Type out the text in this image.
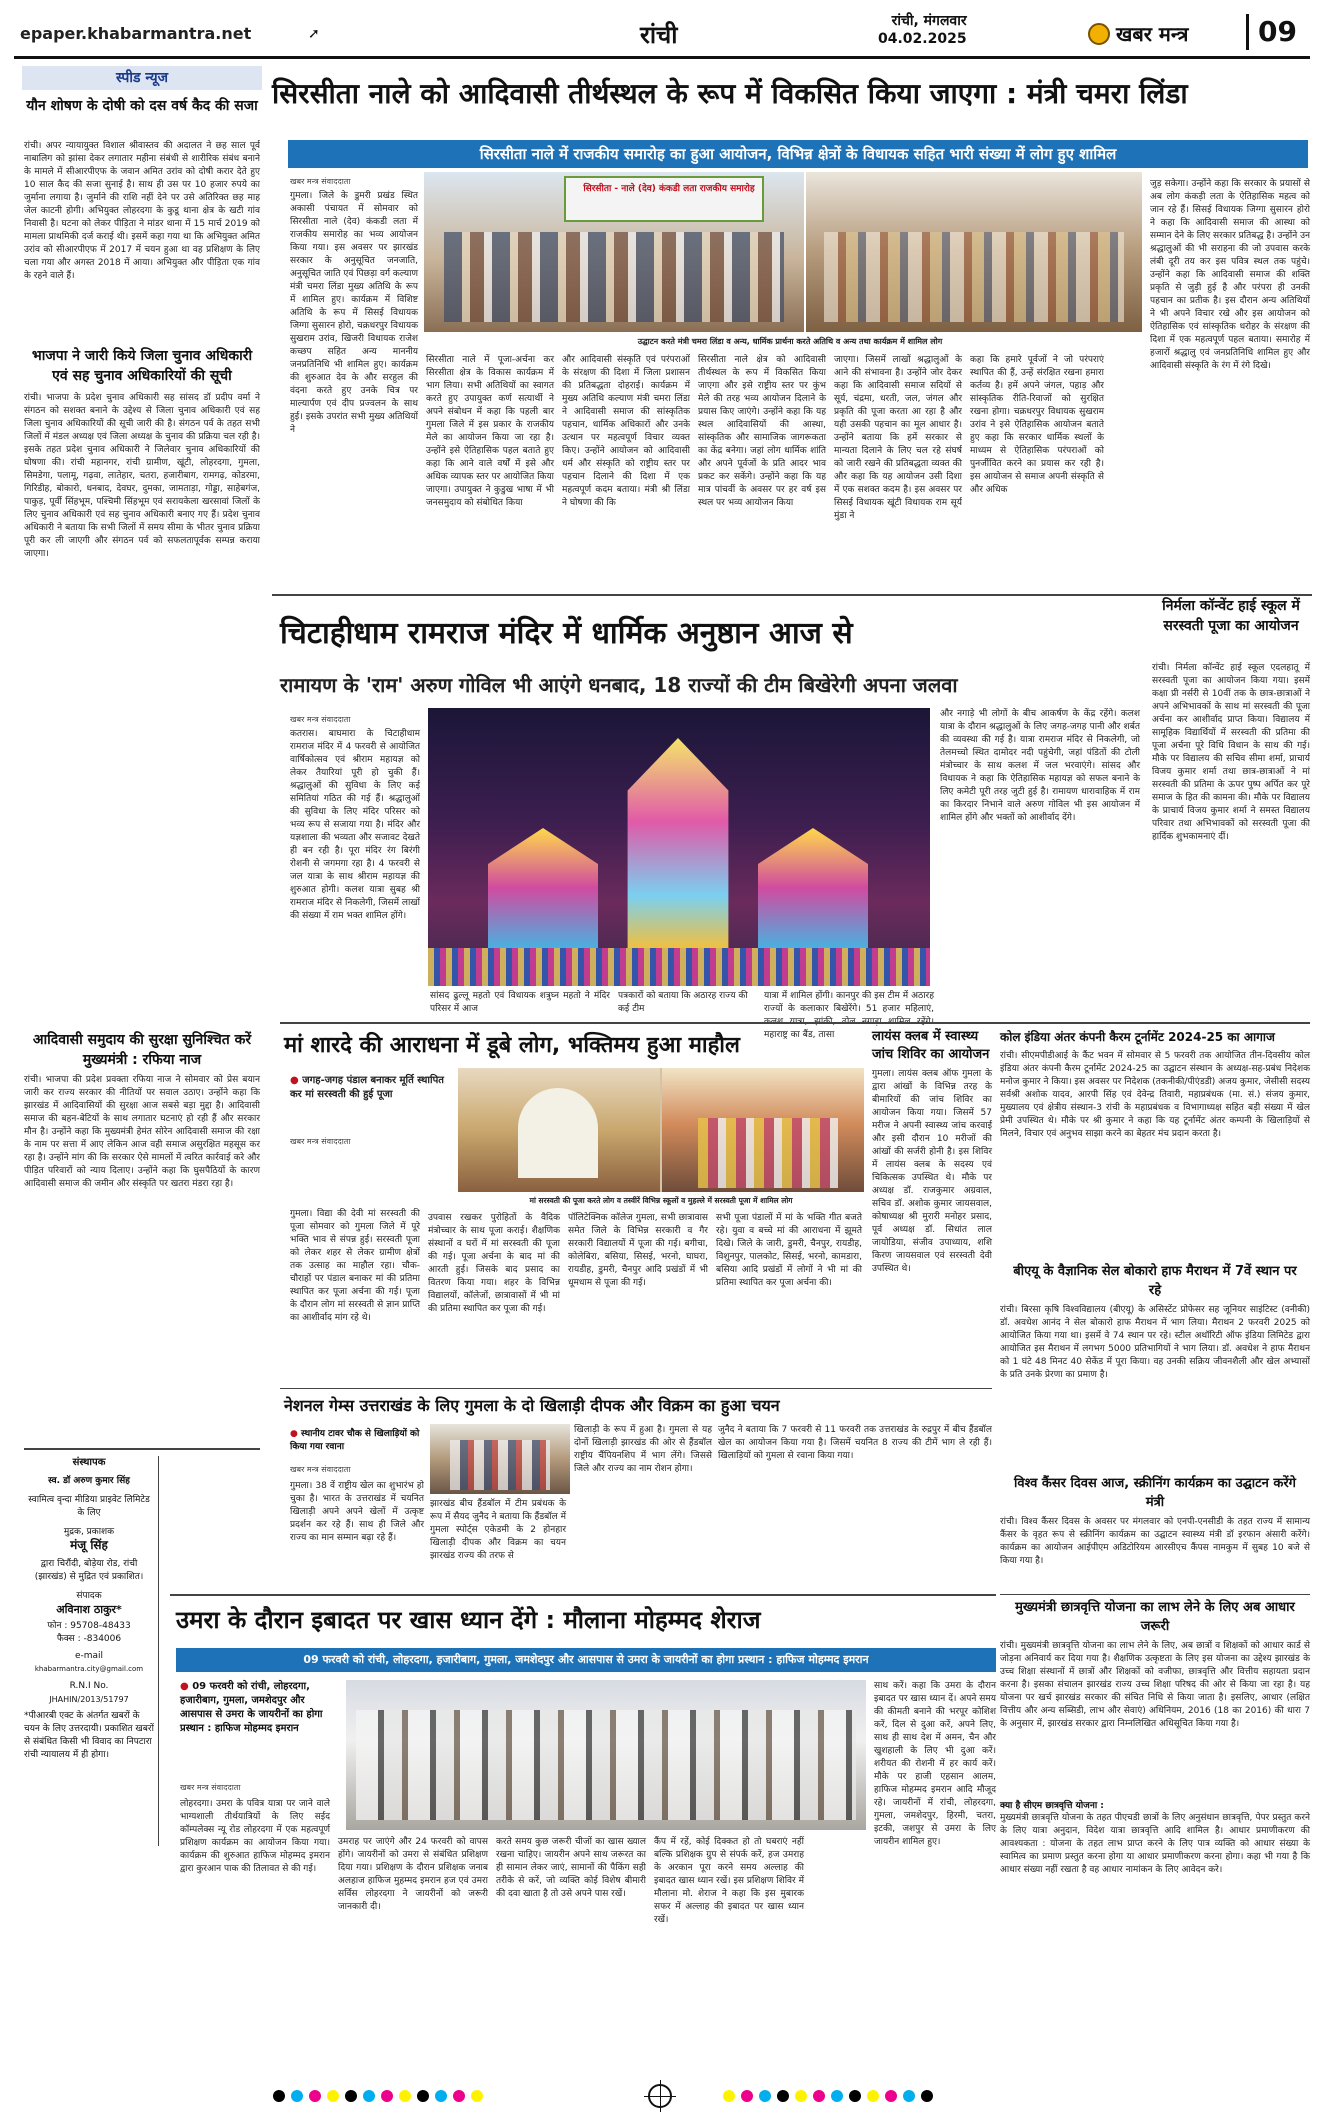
epaper.khabarmantra.net	➚	रांची	रांची, मंगलवार
04.02.2025	खबर मन्त्र	09
स्पीड न्यूज
यौन शोषण के दोषी को दस वर्ष कैद की सजा
रांची। अपर न्यायायुक्त विशाल श्रीवास्तव की अदालत ने छह साल पूर्व नाबालिग को झांसा देकर लगातार महीना संबंधी से शारीरिक संबंध बनाने के मामले में सीआरपीएफ के जवान अमित उरांव को दोषी करार देते हुए 10 साल कैद की सजा सुनाई है। साथ ही उस पर 10 हजार रुपये का जुर्माना लगाया है। जुर्माने की राशि नहीं देने पर उसे अतिरिक्त छह माह जेल काटनी होगी। अभियुक्त लोहरदगा के कुडू थाना क्षेत्र के खटी गांव निवासी है। घटना को लेकर पीड़िता ने मांडर थाना में 15 मार्च 2019 को मामला प्राथमिकी दर्ज कराई थी। इसमें कहा गया था कि अभियुक्त अमित उरांव को सीआरपीएफ में 2017 में चयन हुआ था वह प्रशिक्षण के लिए चला गया और अगस्त 2018 में आया। अभियुक्त और पीड़िता एक गांव के रहने वाले हैं।
भाजपा ने जारी किये जिला चुनाव अधिकारी एवं सह चुनाव अधिकारियों की सूची
रांची। भाजपा के प्रदेश चुनाव अधिकारी सह सांसद डॉ प्रदीप वर्मा ने संगठन को सशक्त बनाने के उद्देश्य से जिला चुनाव अधिकारी एवं सह जिला चुनाव अधिकारियों की सूची जारी की है। संगठन पर्व के तहत सभी जिलों में मंडल अध्यक्ष एवं जिला अध्यक्ष के चुनाव की प्रक्रिया चल रही है। इसके तहत प्रदेश चुनाव अधिकारी ने जिलेवार चुनाव अधिकारियों की घोषणा की। रांची महानगर, रांची ग्रामीण, खूंटी, लोहरदगा, गुमला, सिमडेगा, पलामू, गढ़वा, लातेहार, चतरा, हजारीबाग, रामगढ़, कोडरमा, गिरिडीह, बोकारो, धनबाद, देवघर, दुमका, जामताड़ा, गोड्डा, साहेबगंज, पाकुड़, पूर्वी सिंहभूम, पश्चिमी सिंहभूम एवं सरायकेला खरसावां जिलों के लिए चुनाव अधिकारी एवं सह चुनाव अधिकारी बनाए गए हैं। प्रदेश चुनाव अधिकारी ने बताया कि सभी जिलों में समय सीमा के भीतर चुनाव प्रक्रिया पूरी कर ली जाएगी और संगठन पर्व को सफलतापूर्वक सम्पन्न कराया जाएगा।
आदिवासी समुदाय की सुरक्षा सुनिश्चित करें मुख्यमंत्री : रफिया नाज
रांची। भाजपा की प्रदेश प्रवक्ता रफिया नाज ने सोमवार को प्रेस बयान जारी कर राज्य सरकार की नीतियों पर सवाल उठाए। उन्होंने कहा कि झारखंड में आदिवासियों की सुरक्षा आज सबसे बड़ा मुद्दा है। आदिवासी समाज की बहन-बेटियों के साथ लगातार घटनाएं हो रही हैं और सरकार मौन है। उन्होंने कहा कि मुख्यमंत्री हेमंत सोरेन आदिवासी समाज की रक्षा के नाम पर सत्ता में आए लेकिन आज वही समाज असुरक्षित महसूस कर रहा है। उन्होंने मांग की कि सरकार ऐसे मामलों में त्वरित कार्रवाई करे और पीड़ित परिवारों को न्याय दिलाए। उन्होंने कहा कि घुसपैठियों के कारण आदिवासी समाज की जमीन और संस्कृति पर खतरा मंडरा रहा है।
संस्थापक
स्व. डॉ अरुण कुमार सिंह
स्वामित्व वृन्दा मीडिया प्राइवेट लिमिटेड के लिए
मुद्रक, प्रकाशक
मंजू सिंह
द्वारा चिरौंदी, बोड़ेया रोड, रांची (झारखंड) से मुद्रित एवं प्रकाशित।
संपादक
अविनाश ठाकुर*
फोन : 95708-48433
फैक्स : -834006
e-mail
khabarmantra.city@gmail.com
R.N.I No.
JHAHIN/2013/51797
*पीआरबी एक्ट के अंतर्गत खबरों के चयन के लिए उत्तरदायी। प्रकाशित खबरों से संबंधित किसी भी विवाद का निपटारा रांची न्यायालय में ही होगा।
सिरसीता नाले को आदिवासी तीर्थस्थल के रूप में विकसित किया जाएगा : मंत्री चमरा लिंडा
सिरसीता नाले में राजकीय समारोह का हुआ आयोजन, विभिन्न क्षेत्रों के विधायक सहित भारी संख्या में लोग हुए शामिल
खबर मन्त्र संवाददाता
सिरसीता - नाले (देव) कंकडी लता राजकीय समारोह
उद्घाटन करते मंत्री चमरा लिंडा व अन्य, धार्मिक प्रार्थना करते अतिथि व अन्य तथा कार्यक्रम में शामिल लोग
गुमला। जिले के डुमरी प्रखंड स्थित अकासी पंचायत में सोमवार को सिरसीता नाले (देव) कंकडी लता में राजकीय समारोह का भव्य आयोजन किया गया। इस अवसर पर झारखंड सरकार के अनुसूचित जनजाति, अनुसूचित जाति एवं पिछड़ा वर्ग कल्याण मंत्री चमरा लिंडा मुख्य अतिथि के रूप में शामिल हुए। कार्यक्रम में विशिष्ट अतिथि के रूप में सिसई विधायक जिग्गा सुसारन होरो, चक्रधरपुर विधायक सुखराम उरांव, खिजरी विधायक राजेश कच्छप सहित अन्य माननीय जनप्रतिनिधि भी शामिल हुए। कार्यक्रम की शुरुआत देव के और सरहुल की वंदना करते हुए उनके चित्र पर माल्यार्पण एवं दीप प्रज्वलन के साथ हुई। इसके उपरांत सभी मुख्य अतिथियों ने
सिरसीता नाले में पूजा-अर्चना कर सिरसीता क्षेत्र के विकास कार्यक्रम में भाग लिया। सभी अतिथियों का स्वागत करते हुए उपायुक्त कर्ण सत्यार्थी ने अपने संबोधन में कहा कि पहली बार गुमला जिले में इस प्रकार के राजकीय मेले का आयोजन किया जा रहा है। उन्होंने इसे ऐतिहासिक पहल बताते हुए कहा कि आने वाले वर्षों में इसे और अधिक व्यापक स्तर पर आयोजित किया जाएगा। उपायुक्त ने कुडुख भाषा में भी जनसमुदाय को संबोधित किया
और आदिवासी संस्कृति एवं परंपराओं के संरक्षण की दिशा में जिला प्रशासन की प्रतिबद्धता दोहराई। कार्यक्रम में मुख्य अतिथि कल्याण मंत्री चमरा लिंडा ने आदिवासी समाज की सांस्कृतिक पहचान, धार्मिक अधिकारों और उनके उत्थान पर महत्वपूर्ण विचार व्यक्त किए। उन्होंने आयोजन को आदिवासी धर्म और संस्कृति को राष्ट्रीय स्तर पर पहचान दिलाने की दिशा में एक महत्वपूर्ण कदम बताया। मंत्री श्री लिंडा ने घोषणा की कि
सिरसीता नाले क्षेत्र को आदिवासी तीर्थस्थल के रूप में विकसित किया जाएगा और इसे राष्ट्रीय स्तर पर कुंभ मेले की तरह भव्य आयोजन दिलाने के प्रयास किए जाएंगे। उन्होंने कहा कि यह स्थल आदिवासियों की आस्था, सांस्कृतिक और सामाजिक जागरूकता का केंद्र बनेगा। जहां लोग धार्मिक शांति और अपने पूर्वजों के प्रति आदर भाव प्रकट कर सकेंगे। उन्होंने कहा कि यह मात्र पांचवीं के अवसर पर हर वर्ष इस स्थल पर भव्य आयोजन किया
जाएगा। जिसमें लाखों श्रद्धालुओं के आने की संभावना है। उन्होंने जोर देकर कहा कि आदिवासी समाज सदियों से सूर्य, चंद्रमा, धरती, जल, जंगल और प्रकृति की पूजा करता आ रहा है और यही उसकी पहचान का मूल आधार है। उन्होंने बताया कि हमें सरकार से मान्यता दिलाने के लिए चल रहे संघर्ष को जारी रखने की प्रतिबद्धता व्यक्त की और कहा कि यह आयोजन उसी दिशा में एक सशक्त कदम है। इस अवसर पर सिसई विधायक खूंटी विधायक राम सूर्य मुंडा ने
कहा कि हमारे पूर्वजों ने जो परंपराएं स्थापित की हैं, उन्हें संरक्षित रखना हमारा कर्तव्य है। हमें अपने जंगल, पहाड़ और सांस्कृतिक रीति-रिवाजों को सुरक्षित रखना होगा। चक्रधरपुर विधायक सुखराम उरांव ने इसे ऐतिहासिक आयोजन बताते हुए कहा कि सरकार धार्मिक स्थलों के माध्यम से ऐतिहासिक परंपराओं को पुनर्जीवित करने का प्रयास कर रही है। इस आयोजन से समाज अपनी संस्कृति से और अधिक
जुड़ सकेगा। उन्होंने कहा कि सरकार के प्रयासों से अब लोग कंकड़ी लता के ऐतिहासिक महत्व को जान रहे हैं। सिसई विधायक जिग्गा सुसारन होरो ने कहा कि आदिवासी समाज की आस्था को सम्मान देने के लिए सरकार प्रतिबद्ध है। उन्होंने उन श्रद्धालुओं की भी सराहना की जो उपवास करके लंबी दूरी तय कर इस पवित्र स्थल तक पहुंचे। उन्होंने कहा कि आदिवासी समाज की शक्ति प्रकृति से जुड़ी हुई है और परंपरा ही उनकी पहचान का प्रतीक है। इस दौरान अन्य अतिथियों ने भी अपने विचार रखे और इस आयोजन को ऐतिहासिक एवं सांस्कृतिक धरोहर के संरक्षण की दिशा में एक महत्वपूर्ण पहल बताया। समारोह में हजारों श्रद्धालु एवं जनप्रतिनिधि शामिल हुए और आदिवासी संस्कृति के रंग में रंगे दिखे।
निर्मला कॉन्वेंट हाई स्कूल में सरस्वती पूजा का आयोजन
रांची। निर्मला कॉन्वेंट हाई स्कूल एदलहातू में सरस्वती पूजा का आयोजन किया गया। इसमें कक्षा प्री नर्सरी से 10वीं तक के छात्र-छात्राओं ने अपने अभिभावकों के साथ मां सरस्वती की पूजा अर्चना कर आशीर्वाद प्राप्त किया। विद्यालय में सामूहिक विद्यार्थियों में सरस्वती की प्रतिमा की पूजा अर्चना पूरे विधि विधान के साथ की गई। मौके पर विद्यालय की सचिव सीमा शर्मा, प्राचार्य विजय कुमार शर्मा तथा छात्र-छात्राओं ने मां सरस्वती की प्रतिमा के ऊपर पुष्प अर्पित कर पूरे समाज के हित की कामना की। मौके पर विद्यालय के प्राचार्य विजय कुमार शर्मा ने समस्त विद्यालय परिवार तथा अभिभावकों को सरस्वती पूजा की हार्दिक शुभकामनाएं दीं।
चिटाहीधाम रामराज मंदिर में धार्मिक अनुष्ठान आज से
रामायण के 'राम' अरुण गोविल भी आएंगे धनबाद, 18 राज्यों की टीम बिखेरेगी अपना जलवा
खबर मन्त्र संवाददाता
कतरास। बाघमारा के चिटाहीधाम रामराज मंदिर में 4 फरवरी से आयोजित वार्षिकोत्सव एवं श्रीराम महायज्ञ को लेकर तैयारियां पूरी हो चुकी हैं। श्रद्धालुओं की सुविधा के लिए कई समितियां गठित की गई हैं। श्रद्धालुओं की सुविधा के लिए मंदिर परिसर को भव्य रूप से सजाया गया है। मंदिर और यज्ञशाला की भव्यता और सजावट देखते ही बन रही है। पूरा मंदिर रंग बिरंगी रोशनी से जगमगा रहा है। 4 फरवरी से जल यात्रा के साथ श्रीराम महायज्ञ की शुरुआत होगी। कलश यात्रा सुबह श्री रामराज मंदिर से निकलेगी, जिसमें लाखों की संख्या में राम भक्त शामिल होंगे।
सांसद ढुल्लू महतो एवं विधायक शत्रुघ्न महतो ने मंदिर परिसर में आज
पत्रकारों को बताया कि अठारह राज्य की कई टीम
यात्रा में शामिल होंगी। कानपुर की इस टीम में अठारह राज्यों के कलाकार बिखेरेंगे। 51 हजार महिलाएं, महाराष्ट्र का बैंड, तासा
और नगाड़े भी लोगों के बीच आकर्षण के केंद्र रहेंगे। कलश यात्रा के दौरान श्रद्धालुओं के लिए जगह-जगह पानी और शर्बत की व्यवस्था की गई है। यात्रा रामराज मंदिर से निकलेगी, जो तेलमच्चो स्थित दामोदर नदी पहुंचेगी, जहां पंडितों की टोली मंत्रोच्चार के साथ कलश में जल भरवाएंगे। सांसद और विधायक ने कहा कि ऐतिहासिक महायज्ञ को सफल बनाने के लिए कमेटी पूरी तरह जुटी हुई है। रामायण धारावाहिक में राम का किरदार निभाने वाले अरुण गोविल भी इस आयोजन में शामिल होंगे और भक्तों को आशीर्वाद देंगे।
मां शारदे की आराधना में डूबे लोग, भक्तिमय हुआ माहौल
● जगह-जगह पंडाल बनाकर मूर्ति स्थापित कर मां सरस्वती की हुई पूजा
खबर मन्त्र संवाददाता
मां सरस्वती की पूजा करते लोग व तस्वीरें विभिन्न स्कूलों व मुहल्ले में सरस्वती पूजा में शामिल लोग
गुमला। विद्या की देवी मां सरस्वती की पूजा सोमवार को गुमला जिले में पूरे भक्ति भाव से संपन्न हुई। सरस्वती पूजा को लेकर शहर से लेकर ग्रामीण क्षेत्रों तक उत्साह का माहौल रहा। चौक-चौराहों पर पंडाल बनाकर मां की प्रतिमा स्थापित कर पूजा अर्चना की गई। पूजा के दौरान लोग मां सरस्वती से ज्ञान प्राप्ति का आशीर्वाद मांग रहे थे।
उपवास रखकर पुरोहितों के वैदिक मंत्रोच्चार के साथ पूजा कराई। शैक्षणिक संस्थानों व घरों में मां सरस्वती की पूजा की गई। पूजा अर्चना के बाद मां की आरती हुई। जिसके बाद प्रसाद का वितरण किया गया। शहर के विभिन्न विद्यालयों, कॉलेजों, छात्रावासों में भी मां की प्रतिमा स्थापित कर पूजा की गई।
पॉलिटेक्निक कॉलेज गुमला, सभी छात्रावास समेत जिले के विभिन्न सरकारी व गैर सरकारी विद्यालयों में पूजा की गई। बगीचा, कोलेबिरा, बसिया, सिसई, भरनो, घाघरा, रायडीह, डुमरी, चैनपुर आदि प्रखंडों में भी धूमधाम से पूजा की गई।
सभी पूजा पंडालों में मां के भक्ति गीत बजते रहे। युवा व बच्चे मां की आराधना में झूमते दिखे। जिले के जारी, डुमरी, चैनपुर, रायडीह, विशुनपुर, पालकोट, सिसई, भरनो, कामडारा, बसिया आदि प्रखंडों में लोगों ने भी मां की प्रतिमा स्थापित कर पूजा अर्चना की।
लायंस क्लब में स्वास्थ्य जांच शिविर का आयोजन
गुमला। लायंस क्लब ऑफ गुमला के द्वारा आंखों के विभिन्न तरह के बीमारियों की जांच शिविर का आयोजन किया गया। जिसमें 57 मरीज ने अपनी स्वास्थ्य जांच करवाई और इसी दौरान 10 मरीजों की आंखों की सर्जरी होनी है। इस शिविर में लायंस क्लब के सदस्य एवं चिकित्सक उपस्थित थे। मौके पर अध्यक्ष डॉ. राजकुमार अग्रवाल, सचिव डॉ. अशोक कुमार जायसवाल, कोषाध्यक्ष श्री मुरारी मनोहर प्रसाद, पूर्व अध्यक्ष डॉ. सिधांत लाल जायोडिया, संजीव उपाध्याय, शशि किरण जायसवाल एवं सरस्वती देवी उपस्थित थे।
कोल इंडिया अंतर कंपनी कैरम टूर्नामेंट 2024-25 का आगाज
रांची। सीएमपीडीआई के कैंट भवन में सोमवार से 5 फरवरी तक आयोजित तीन-दिवसीय कोल इंडिया अंतर कंपनी कैरम टूर्नामेंट 2024-25 का उद्घाटन संस्थान के अध्यक्ष-सह-प्रबंध निदेशक मनोज कुमार ने किया। इस अवसर पर निदेशक (तकनीकी/पीएंडडी) अजय कुमार, जेसीसी सदस्य सर्वश्री अशोक यादव, आरपी सिंह एवं देवेन्द्र तिवारी, महाप्रबंधक (मा. सं.) संजय कुमार, मुख्यालय एवं क्षेत्रीय संस्थान-3 रांची के महाप्रबंधक व विभागाध्यक्ष सहित बड़ी संख्या में खेल प्रेमी उपस्थित थे। मौके पर श्री कुमार ने कहा कि यह टूर्नामेंट अंतर कम्पनी के खिलाड़ियों से मिलने, विचार एवं अनुभव साझा करने का बेहतर मंच प्रदान करता है।
बीएयू के वैज्ञानिक सेल बोकारो हाफ मैराथन में 7वें स्थान पर रहे
रांची। बिरसा कृषि विश्वविद्यालय (बीएयू) के असिस्टेंट प्रोफेसर सह जूनियर साइंटिस्ट (वनीकी) डॉ. अवधेश आनंद ने सेल बोकारो हाफ मैराथन में भाग लिया। मैराथन 2 फरवरी 2025 को आयोजित किया गया था। इसमें वे 74 स्थान पर रहे। स्टील अथॉरिटी ऑफ इंडिया लिमिटेड द्वारा आयोजित इस मैराथन में लगभग 5000 प्रतिभागियों ने भाग लिया। डॉ. अवधेश ने हाफ मैराथन को 1 घंटे 48 मिनट 40 सेकेंड में पूरा किया। वह उनकी सक्रिय जीवनशैली और खेल अभ्यासों के प्रति उनके प्रेरणा का प्रमाण है।
विश्व कैंसर दिवस आज, स्क्रीनिंग कार्यक्रम का उद्घाटन करेंगे मंत्री
रांची। विश्व कैंसर दिवस के अवसर पर मंगलवार को एनपी-एनसीडी के तहत राज्य में सामान्य कैंसर के वृहत रूप से स्क्रीनिंग कार्यक्रम का उद्घाटन स्वास्थ्य मंत्री डॉ इरफान अंसारी करेंगे। कार्यक्रम का आयोजन आईपीएम अडिटोरियम आरसीएच कैंपस नामकुम में सुबह 10 बजे से किया गया है।
नेशनल गेम्स उत्तराखंड के लिए गुमला के दो खिलाड़ी दीपक और विक्रम का हुआ चयन
● स्थानीय टावर चौक से खिलाड़ियों को किया गया रवाना
खबर मन्त्र संवाददाता
गुमला। 38 वें राष्ट्रीय खेल का शुभारंभ हो चुका है। भारत के उत्तराखंड में चयनित खिलाड़ी अपने अपने खेलों में उत्कृष्ट प्रदर्शन कर रहे हैं। साथ ही जिले और राज्य का मान सम्मान बढ़ा रहे हैं।
झारखंड बीच हैंडबॉल में टीम प्रबंधक के रूप में सैयद जुनैद ने बताया कि हैंडबॉल में गुमला स्पोर्ट्स एकेडमी के 2 होनहार खिलाड़ी दीपक और विक्रम का चयन झारखंड राज्य की तरफ से
खिलाड़ी के रूप में हुआ है। गुमला से यह दोनों खिलाड़ी झारखंड की ओर से हैंडबॉल राष्ट्रीय चैंपियनशिप में भाग लेंगे। जिससे जिले और राज्य का नाम रोशन होगा।
जुनैद ने बताया कि 7 फरवरी से 11 फरवरी तक उत्तराखंड के रुद्रपुर में बीच हैंडबॉल खेल का आयोजन किया गया है। जिसमें चयनित 8 राज्य की टीमें भाग ले रही हैं। खिलाड़ियों को गुमला से रवाना किया गया।
उमरा के दौरान इबादत पर खास ध्यान देंगे : मौलाना मोहम्मद शेराज
09 फरवरी को रांची, लोहरदगा, हजारीबाग, गुमला, जमशेदपुर और आसपास से उमरा के जायरीनों का होगा प्रस्थान : हाफिज मोहम्मद इमरान
● 09 फरवरी को रांची, लोहरदगा, हजारीबाग, गुमला, जमशेदपुर और आसपास से उमरा के जायरीनों का होगा प्रस्थान : हाफिज मोहम्मद इमरान
खबर मन्त्र संवाददाता
लोहरदगा। उमरा के पवित्र यात्रा पर जाने वाले भाग्यशाली तीर्थयात्रियों के लिए सईद कॉम्पलेक्स न्यू रोड लोहरदगा में एक महत्वपूर्ण प्रशिक्षण कार्यक्रम का आयोजन किया गया। कार्यक्रम की शुरुआत हाफिज मोहम्मद इमरान द्वारा कुरआन पाक की तिलावत से की गई।
उमराह पर जाएंगे और 24 फरवरी को वापस होंगे। जायरीनों को उमरा से संबंधित प्रशिक्षण दिया गया। प्रशिक्षण के दौरान प्रशिक्षक जनाब अलहाज हाफिज मुहम्मद इमरान हज एवं उमरा सर्विस लोहरदगा ने जायरीनों को जरूरी जानकारी दी।
करते समय कुछ जरूरी चीजों का खास ख्याल रखना चाहिए। जायरीन अपने साथ जरूरत का ही सामान लेकर जाएं, सामानों की पैकिंग सही तरीके से करें, जो व्यक्ति कोई विशेष बीमारी की दवा खाता है तो उसे अपने पास रखें।
कैंप में रहें, कोई दिक्कत हो तो घबराएं नहीं बल्कि प्रशिक्षक ग्रुप से संपर्क करें, हज उमराह के अरकान पूरा करने समय अल्लाह की इबादत खास ध्यान रखें। इस प्रशिक्षण शिविर में मौलाना मो. शेराज ने कहा कि इस मुबारक सफर में अल्लाह की इबादत पर खास ध्यान रखें।
साथ करें। कहा कि उमरा के दौरान इबादत पर खास ध्यान दें। अपने समय की कीमती बनाने की भरपूर कोशिश करें, दिल से दुआ करें, अपने लिए, साथ ही साथ देश में अमन, चैन और खुशहाली के लिए भी दुआ करें। शरीयत की रोशनी में हर कार्य करें। मौके पर हाजी एहसान आलम, हाफिज मोहम्मद इमरान आदि मौजूद रहे। जायरीनों में रांची, लोहरदगा, गुमला, जमशेदपुर, हिरमी, चतरा, इटकी, जशपुर से उमरा के लिए जायरीन शामिल हुए।
मुख्यमंत्री छात्रवृत्ति योजना का लाभ लेने के लिए अब आधार जरूरी
रांची। मुख्यमंत्री छात्रवृत्ति योजना का लाभ लेने के लिए, अब छात्रों व शिक्षकों को आधार कार्ड से जोड़ना अनिवार्य कर दिया गया है। शैक्षणिक उत्कृष्टता के लिए इस योजना का उद्देश्य झारखंड के उच्च शिक्षा संस्थानों में छात्रों और शिक्षकों को वजीफा, छात्रवृत्ति और वित्तीय सहायता प्रदान करना है। इसका संचालन झारखंड राज्य उच्च शिक्षा परिषद की ओर से किया जा रहा है। यह योजना पर खर्च झारखंड सरकार की संचित निधि से किया जाता है। इसलिए, आधार (लक्षित वित्तीय और अन्य सब्सिडी, लाभ और सेवाएं) अधिनियम, 2016 (18 का 2016) की धारा 7 के अनुसार में, झारखंड सरकार द्वारा निम्नलिखित अधिसूचित किया गया है।
क्या है सीएम छात्रवृत्ति योजना :
मुख्यमंत्री छात्रवृत्ति योजना के तहत पीएचडी छात्रों के लिए अनुसंधान छात्रवृत्ति, पेपर प्रस्तुत करने के लिए यात्रा अनुदान, विदेश यात्रा छात्रवृत्ति आदि शामिल है। आधार प्रमाणीकरण की आवश्यकता : योजना के तहत लाभ प्राप्त करने के लिए पात्र व्यक्ति को आधार संख्या के स्वामित्व का प्रमाण प्रस्तुत करना होगा या आधार प्रमाणीकरण करना होगा। कहा भी गया है कि आधार संख्या नहीं रखता है वह आधार नामांकन के लिए आवेदन करे।
